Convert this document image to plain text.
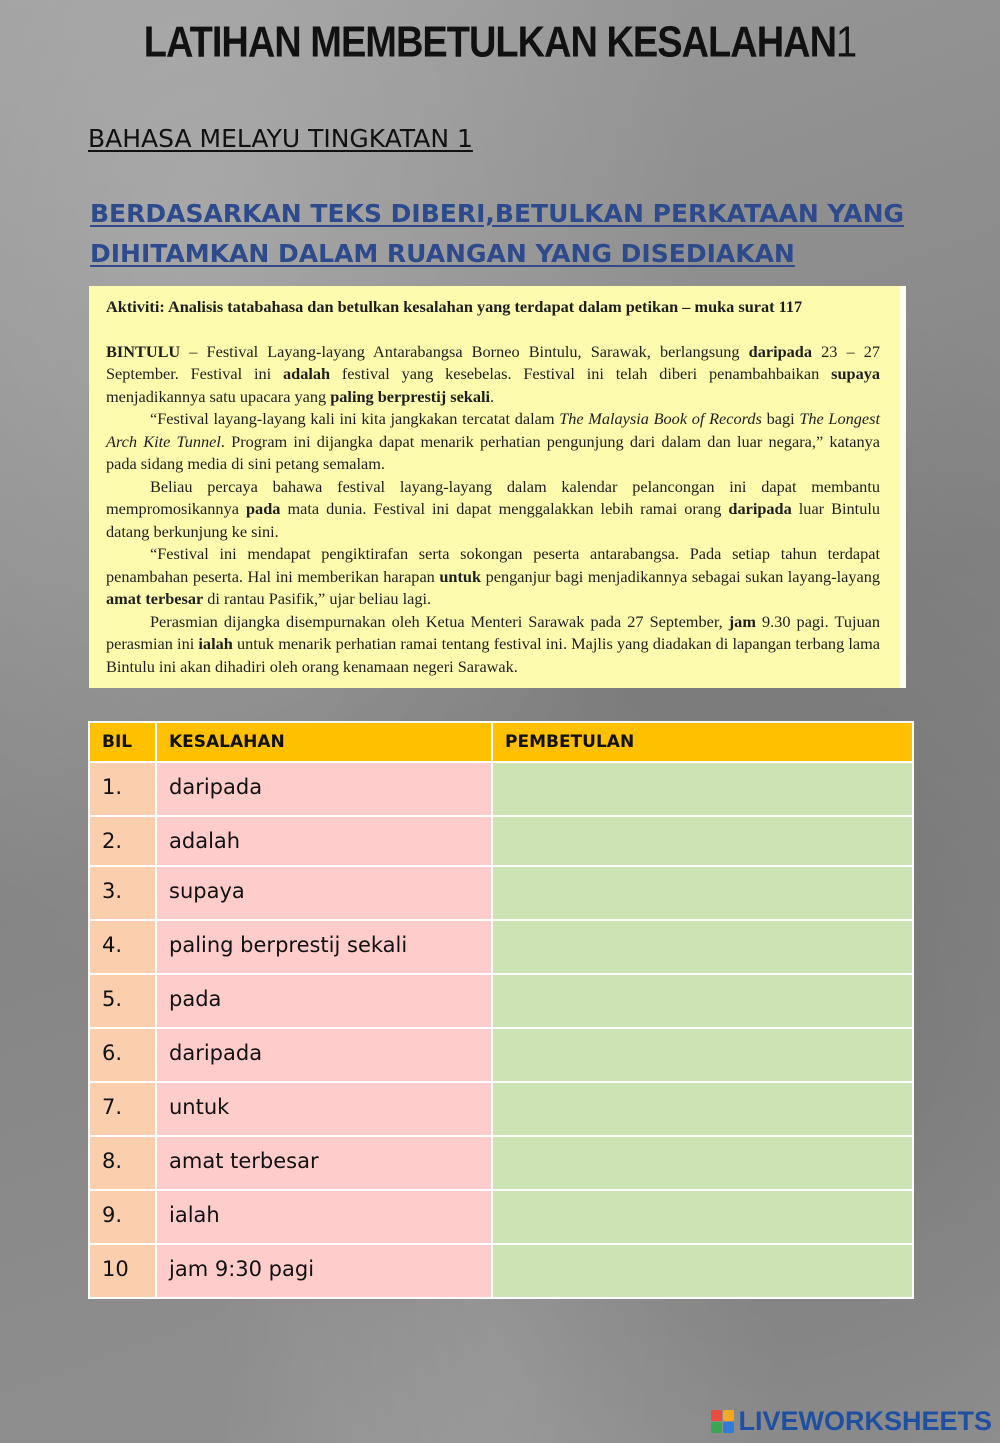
LATIHAN MEMBETULKAN KESALAHAN1
BAHASA MELAYU TINGKATAN 1
BERDASARKAN TEKS DIBERI,BETULKAN PERKATAAN YANG DIHITAMKAN DALAM RUANGAN YANG DISEDIAKAN
Aktiviti: Analisis tatabahasa dan betulkan kesalahan yang terdapat dalam petikan – muka surat 117

BINTULU – Festival Layang-layang Antarabangsa Borneo Bintulu, Sarawak, berlangsung daripada 23 – 27 September. Festival ini adalah festival yang kesebelas. Festival ini telah diberi penambahbaikan supaya menjadikannya satu upacara yang paling berprestij sekali.

“Festival layang-layang kali ini kita jangkakan tercatat dalam The Malaysia Book of Records bagi The Longest Arch Kite Tunnel. Program ini dijangka dapat menarik perhatian pengunjung dari dalam dan luar negara,” katanya pada sidang media di sini petang semalam.

Beliau percaya bahawa festival layang-layang dalam kalendar pelancongan ini dapat membantu mempromosikannya pada mata dunia. Festival ini dapat menggalakkan lebih ramai orang daripada luar Bintulu datang berkunjung ke sini.

“Festival ini mendapat pengiktirafan serta sokongan peserta antarabangsa. Pada setiap tahun terdapat penambahan peserta. Hal ini memberikan harapan untuk penganjur bagi menjadikannya sebagai sukan layang-layang amat terbesar di rantau Pasifik,” ujar beliau lagi.

Perasmian dijangka disempurnakan oleh Ketua Menteri Sarawak pada 27 September, jam 9.30 pagi. Tujuan perasmian ini ialah untuk menarik perhatian ramai tentang festival ini. Majlis yang diadakan di lapangan terbang lama Bintulu ini akan dihadiri oleh orang kenamaan negeri Sarawak.

BIL	KESALAHAN	PEMBETULAN
1.	daripada	
2.	adalah	
3.	supaya	
4.	paling berprestij sekali	
5.	pada	
6.	daripada	
7.	untuk	
8.	amat terbesar	
9.	ialah	
10	jam 9:30 pagi	
LIVEWORKSHEETS
